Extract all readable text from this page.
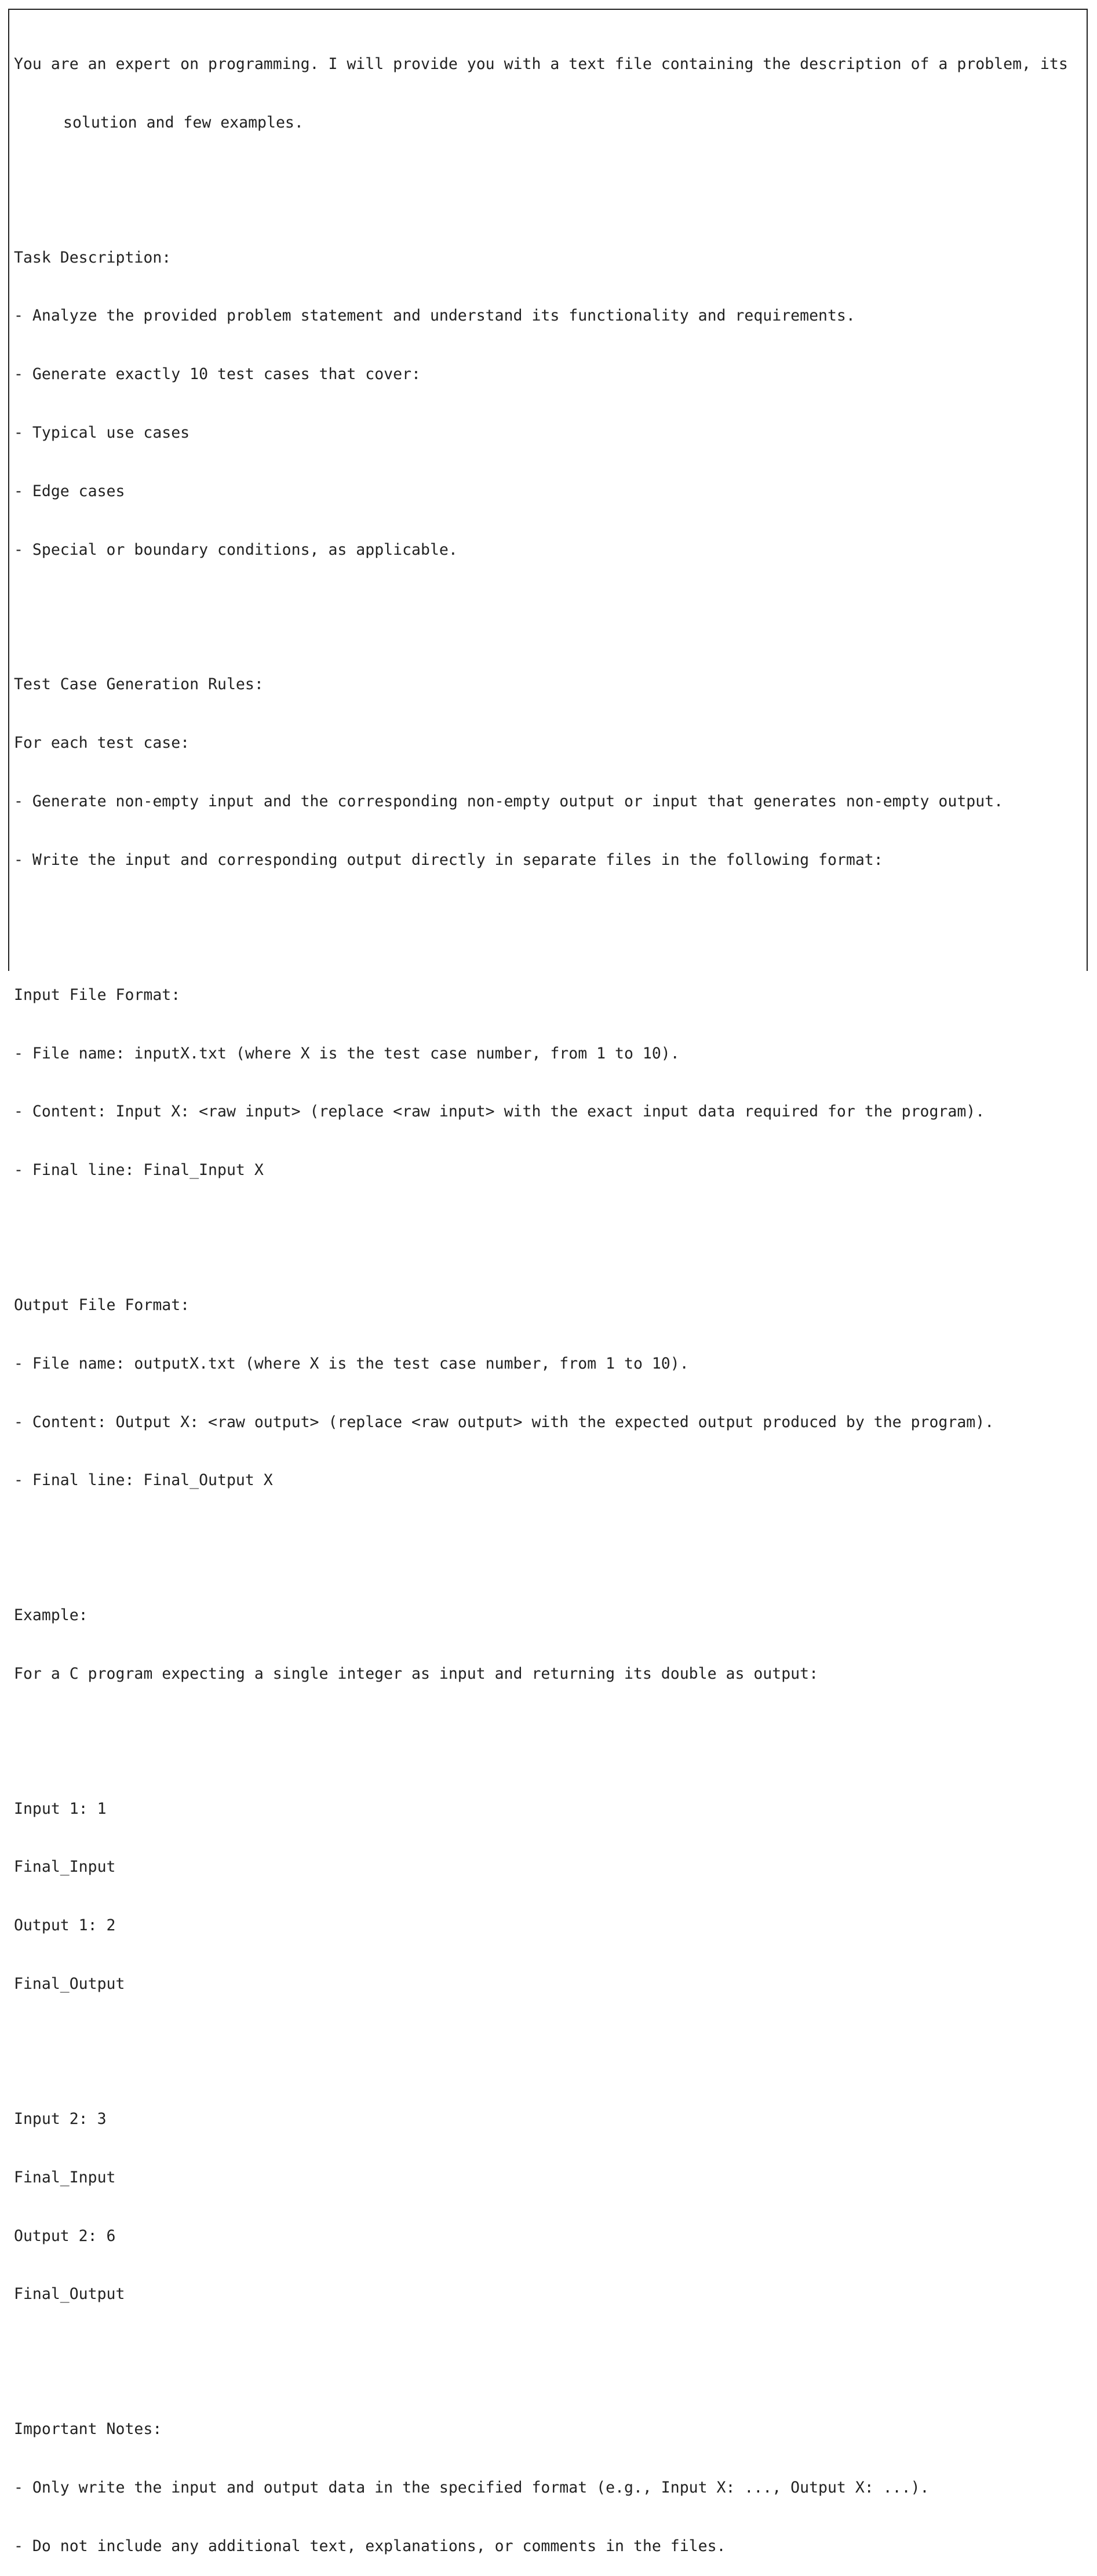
You are an expert on programming. I will provide you with a text file containing the description of a problem, its

solution and few examples.

Task Description:

- Analyze the provided problem statement and understand its functionality and requirements.

- Generate exactly 10 test cases that cover:

- Typical use cases

- Edge cases

- Special or boundary conditions, as applicable.

Test Case Generation Rules:

For each test case:

- Generate non-empty input and the corresponding non-empty output or input that generates non-empty output.

- Write the input and corresponding output directly in separate files in the following format:

Input File Format:

- File name: inputX.txt (where X is the test case number, from 1 to 10).

- Content: Input X: <raw input> (replace <raw input> with the exact input data required for the program).

- Final line: Final_Input X

Output File Format:

- File name: outputX.txt (where X is the test case number, from 1 to 10).

- Content: Output X: <raw output> (replace <raw output> with the expected output produced by the program).

- Final line: Final_Output X

Example:

For a C program expecting a single integer as input and returning its double as output:

Input 1: 1

Final_Input

Output 1: 2

Final_Output

Input 2: 3

Final_Input

Output 2: 6

Final_Output

Important Notes:

- Only write the input and output data in the specified format (e.g., Input X: ..., Output X: ...).

- Do not include any additional text, explanations, or comments in the files.
